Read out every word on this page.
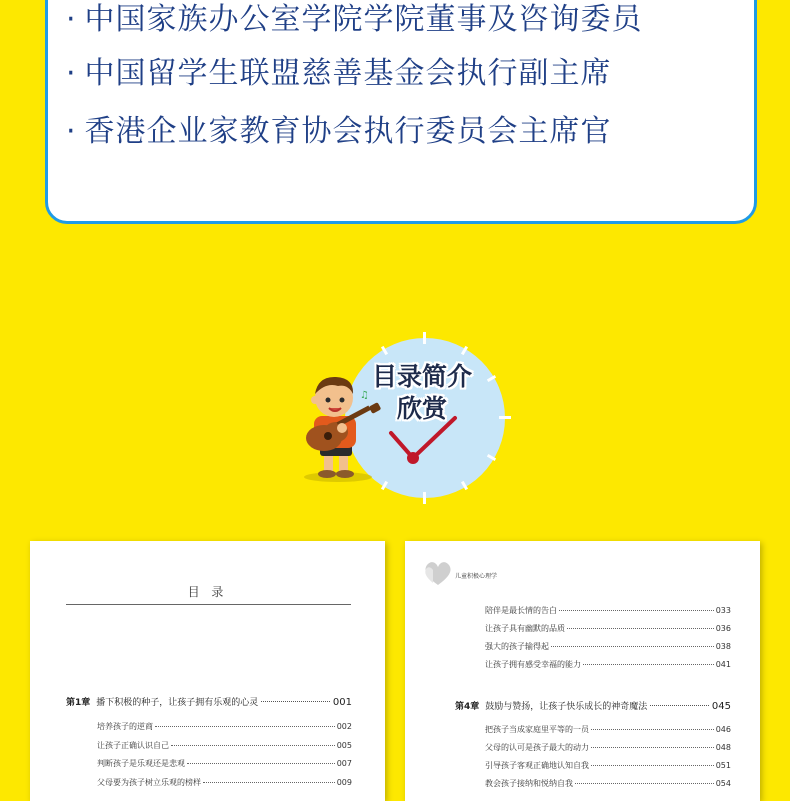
· 中国家族办公室学院学院董事及咨询委员
· 中国留学生联盟慈善基金会执行副主席
· 香港企业家教育协会执行委员会主席官
目录简介
欣赏
♫
目 录
第1章 播下积极的种子，让孩子拥有乐观的心灵	001
培养孩子的逆商	002
让孩子正确认识自己	005
判断孩子是乐观还是悲观	007
父母要为孩子树立乐观的榜样	009
儿童积极心理学
陪伴是最长情的告白	033
让孩子具有幽默的品质	036
强大的孩子输得起	038
让孩子拥有感受幸福的能力	041
第4章 鼓励与赞扬，让孩子快乐成长的神奇魔法	045
把孩子当成家庭里平等的一员	046
父母的认可是孩子最大的动力	048
引导孩子客观正确地认知自我	051
教会孩子接纳和悦纳自我	054
